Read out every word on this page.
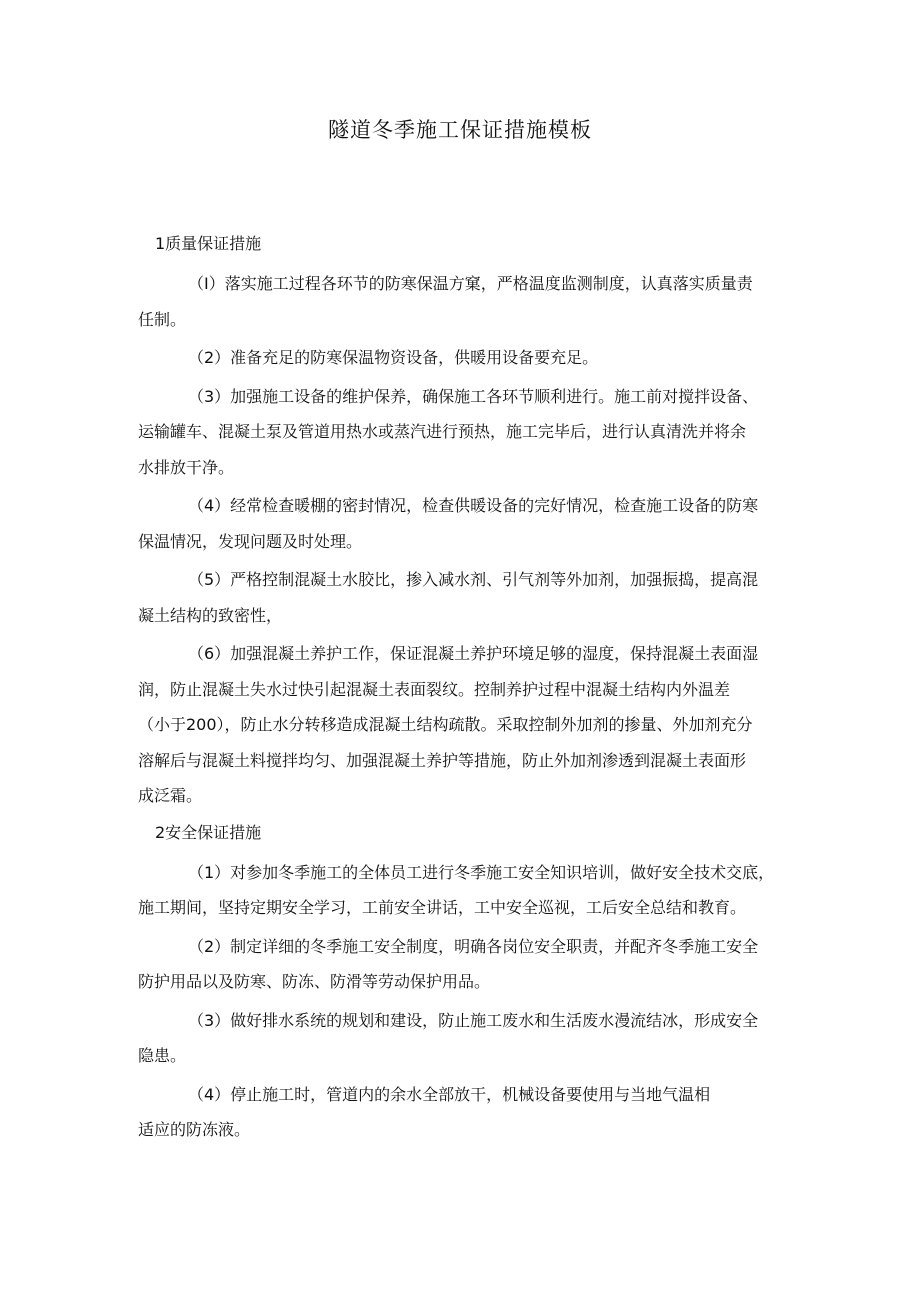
隧道冬季施工保证措施模板
1质量保证措施

（I）落实施工过程各环节的防寒保温方窠，严格温度监测制度，认真落实质量责
任制。

（2）准备充足的防寒保温物资设备，供暖用设备要充足。

（3）加强施工设备的维护保养，确保施工各环节顺利进行。施工前对搅拌设备、
运输罐车、混凝土泵及管道用热水或蒸汽进行预热，施工完毕后，进行认真清洗并将余
水排放干净。

（4）经常检查暖棚的密封情况，检查供暖设备的完好情况，检查施工设备的防寒
保温情况，发现问题及时处理。

（5）严格控制混凝土水胶比，掺入减水剂、引气剂等外加剂，加强振捣，提高混
凝土结构的致密性，

（6）加强混凝土养护工作，保证混凝土养护环境足够的湿度，保持混凝土表面湿
润，防止混凝土失水过快引起混凝土表面裂纹。控制养护过程中混凝土结构内外温差
（小于200），防止水分转移造成混凝土结构疏散。采取控制外加剂的掺量、外加剂充分
溶解后与混凝土料搅拌均匀、加强混凝土养护等措施，防止外加剂渗透到混凝土表面形
成泛霜。

2安全保证措施

（1）对参加冬季施工的全体员工进行冬季施工安全知识培训，做好安全技术交底，
施工期间，坚持定期安全学习，工前安全讲话，工中安全巡视，工后安全总结和教育。

（2）制定详细的冬季施工安全制度，明确各岗位安全职责，并配齐冬季施工安全
防护用品以及防寒、防冻、防滑等劳动保护用品。

（3）做好排水系统的规划和建设，防止施工废水和生活废水漫流结冰，形成安全
隐患。

（4）停止施工时，管道内的余水全部放干，机械设备要使用与当地气温相
适应的防冻液。
